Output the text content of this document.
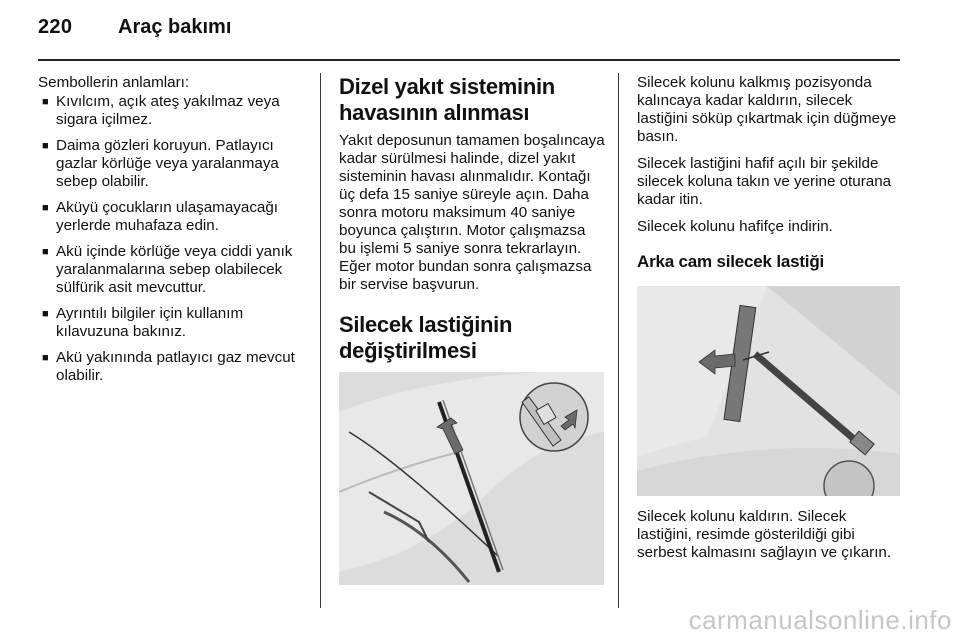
220 Araç bakımı

Sembollerin anlamları:

■ Kıvılcım, açık ateş yakılmaz veya sigara içilmez.
■ Daima gözleri koruyun. Patlayıcı gazlar körlüğe veya yaralanmaya sebep olabilir.
■ Aküyü çocukların ulaşamayacağı yerlerde muhafaza edin.
■ Akü içinde körlüğe veya ciddi yanık yaralanmalarına sebep olabilecek sülfürik asit mevcuttur.
■ Ayrıntılı bilgiler için kullanım kılavuzuna bakınız.
■ Akü yakınında patlayıcı gaz mevcut olabilir.
Dizel yakıt sisteminin havasının alınması

Yakıt deposunun tamamen boşalıncaya kadar sürülmesi halinde, dizel yakıt sisteminin havası alınmalıdır. Kontağı üç defa 15 saniye süreyle açın. Daha sonra motoru maksimum 40 saniye boyunca çalıştırın. Motor çalışmazsa bu işlemi 5 saniye sonra tekrarlayın. Eğer motor bundan sonra çalışmazsa bir servise başvurun.

Silecek lastiğinin değiştirilmesi

Silecek kolunu kalkmış pozisyonda kalıncaya kadar kaldırın, silecek lastiğini söküp çıkartmak için düğmeye basın.

Silecek lastiğini hafif açılı bir şekilde silecek koluna takın ve yerine oturana kadar itin.

Silecek kolunu hafifçe indirin.

Arka cam silecek lastiği

Silecek kolunu kaldırın. Silecek lastiğini, resimde gösterildiği gibi serbest kalmasını sağlayın ve çıkarın.

carmanualsonline.info
